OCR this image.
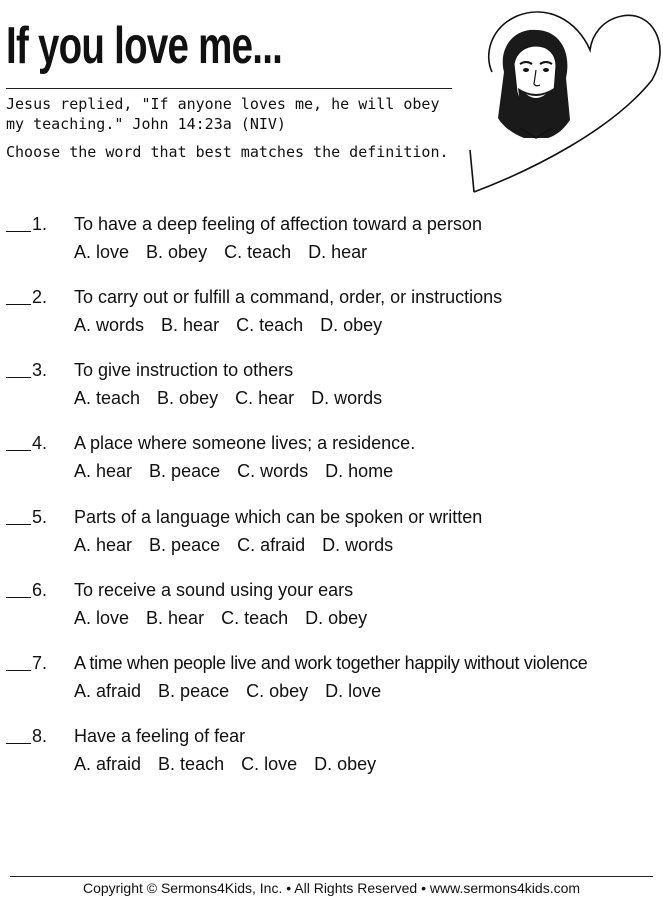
If you love me...
Jesus replied, "If anyone loves me, he will obey my teaching." John 14:23a (NIV)
Choose the word that best matches the definition.
1. To have a deep feeling of affection toward a person
A. love B. obey C. teach D. hear
2. To carry out or fulfill a command, order, or instructions
A. words B. hear C. teach D. obey
3. To give instruction to others
A. teach B. obey C. hear D. words
4. A place where someone lives; a residence.
A. hear B. peace C. words D. home
5. Parts of a language which can be spoken or written
A. hear B. peace C. afraid D. words
6. To receive a sound using your ears
A. love B. hear C. teach D. obey
7. A time when people live and work together happily without violence
A. afraid B. peace C. obey D. love
8. Have a feeling of fear
A. afraid B. teach C. love D. obey
Copyright © Sermons4Kids, Inc. • All Rights Reserved • www.sermons4kids.com
